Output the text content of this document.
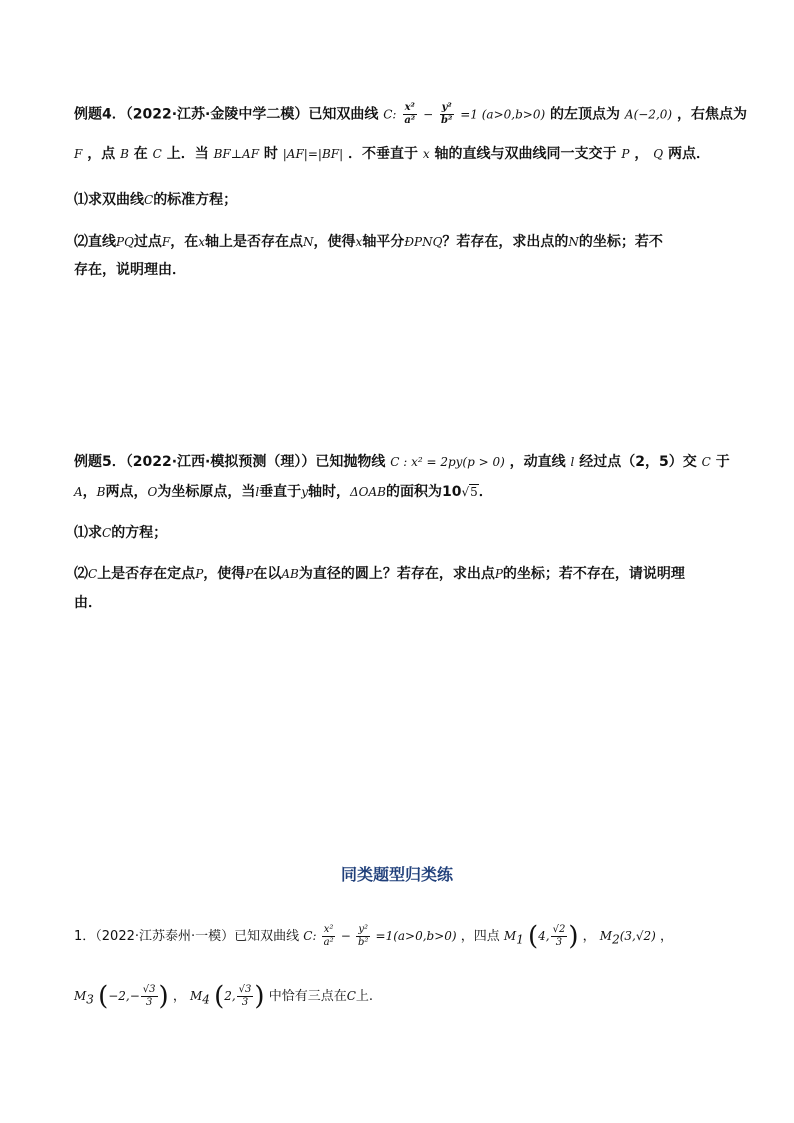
例题4．（2022·江苏·金陵中学二模）已知双曲线 C: $\frac{\text{x²}}{\text{a²}} - \frac{\text{y²}}{\text{b²}} =1$ (a>0,b>0) 的左顶点为 A(−2,0) ，右焦点为
F ，点 B 在 C 上．当 BF⊥AF 时 |AF|=|BF| ．不垂直于 x 轴的直线与双曲线同一支交于 P ， Q 两点．
⑴求双曲线C的标准方程；
⑵直线PQ过点F，在x轴上是否存在点N，使得x轴平分ÐPNQ？若存在，求出点的N的坐标；若不
存在，说明理由．
例题5．（2022·江西·模拟预测（理））已知抛物线 C : x² = 2py(p > 0) ，动直线 l 经过点（2，5）交 C 于
A，B两点，O为坐标原点，当l垂直于y轴时，ΔOAB的面积为10√5．
⑴求C的方程；
⑵C上是否存在定点P，使得P在以AB为直径的圆上？若存在，求出点P的坐标；若不存在，请说明理
由．
同类题型归类练
1．（2022·江苏泰州·一模）已知双曲线 C: $\frac{\text{x²}}{\text{a²}} - \frac{\text{y²}}{\text{b²}} =1(a>0,b>0)$ ，四点 $M_1$ (4, $\frac{√2}{3}$ ) ， $M_2(3,√2)$ ，
$M_3$ ($-2,- \frac{√3}{3}$ ) ， $M_4$ (2, $\frac{√3}{3}$ ) 中恰有三点在C上.
